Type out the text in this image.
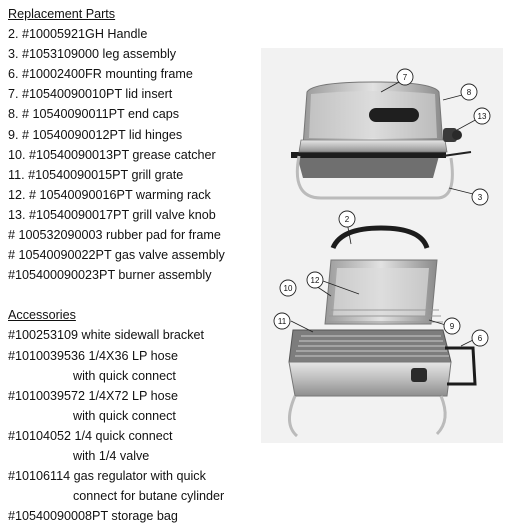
Replacement Parts
2. #10005921GH Handle
3. #1053109000 leg assembly
6. #10002400FR mounting frame
7. #10540090010PT lid insert
8. # 10540090011PT end caps
9. # 10540090012PT lid hinges
10. #10540090013PT grease catcher
11. #10540090015PT grill grate
12. # 10540090016PT warming rack
13. #10540090017PT grill valve knob
# 100532090003 rubber pad for frame
# 10540090022PT gas valve assembly
#105400090023PT burner assembly
Accessories
#100253109 white sidewall bracket
#1010039536 1/4X36 LP hose
with quick connect
#1010039572 1/4X72 LP hose
with quick connect
#10104052 1/4 quick connect
with 1/4 valve
#10106114 gas regulator with quick
connect for butane cylinder
#10540090008PT storage bag
7
8
13
3
2
12
10
11
9
6
